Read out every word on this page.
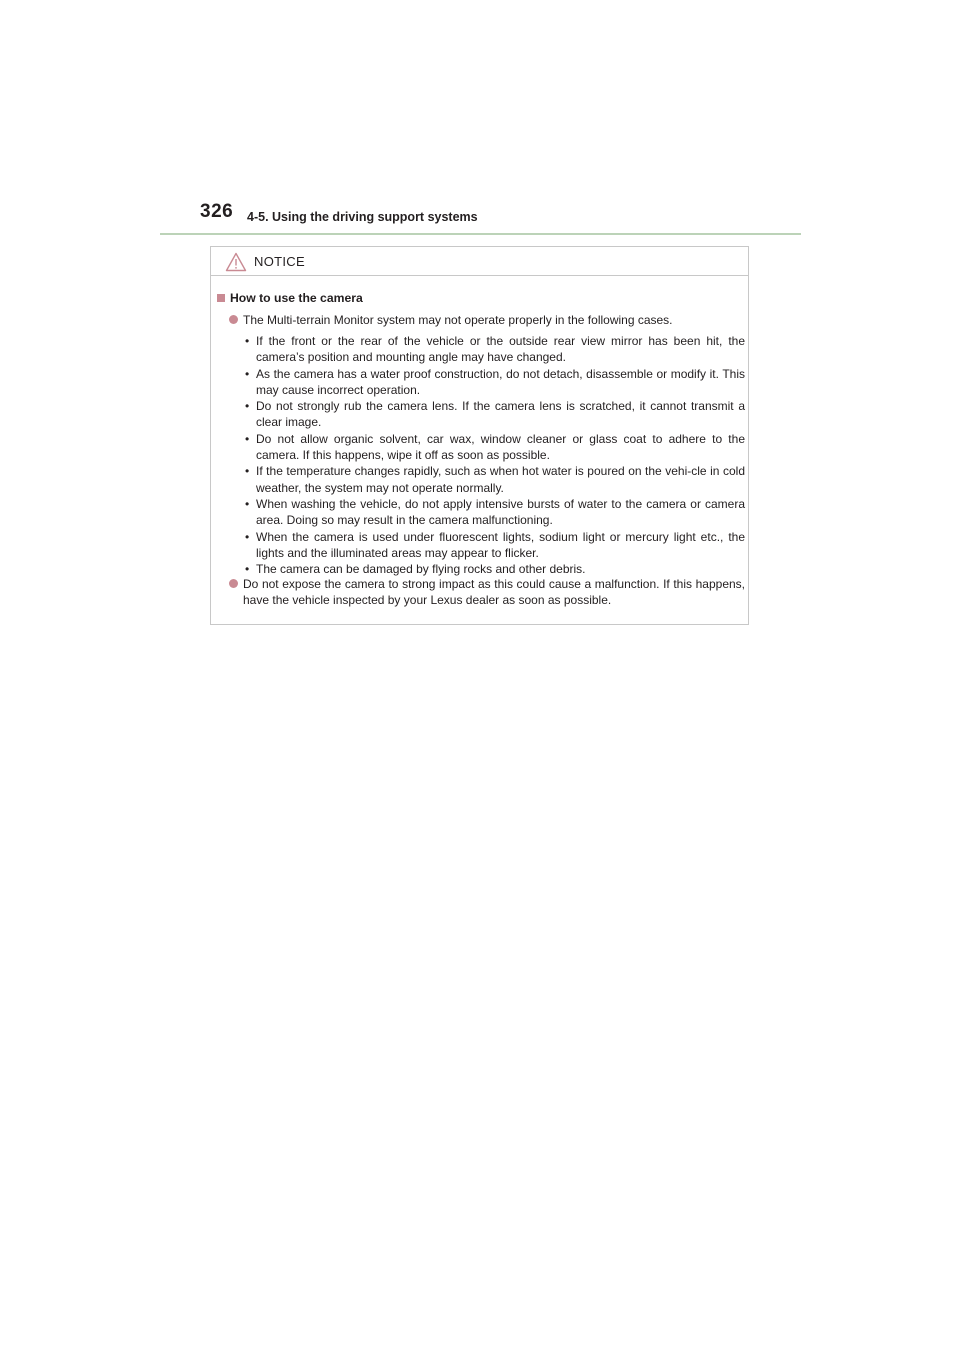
326 4-5. Using the driving support systems
NOTICE
How to use the camera
The Multi-terrain Monitor system may not operate properly in the following cases.
• If the front or the rear of the vehicle or the outside rear view mirror has been hit, the camera’s position and mounting angle may have changed.
• As the camera has a water proof construction, do not detach, disassemble or modify it. This may cause incorrect operation.
• Do not strongly rub the camera lens. If the camera lens is scratched, it cannot transmit a clear image.
• Do not allow organic solvent, car wax, window cleaner or glass coat to adhere to the camera. If this happens, wipe it off as soon as possible.
• If the temperature changes rapidly, such as when hot water is poured on the vehi-cle in cold weather, the system may not operate normally.
• When washing the vehicle, do not apply intensive bursts of water to the camera or camera area. Doing so may result in the camera malfunctioning.
• When the camera is used under fluorescent lights, sodium light or mercury light etc., the lights and the illuminated areas may appear to flicker.
• The camera can be damaged by flying rocks and other debris.
Do not expose the camera to strong impact as this could cause a malfunction. If this happens, have the vehicle inspected by your Lexus dealer as soon as possible.
